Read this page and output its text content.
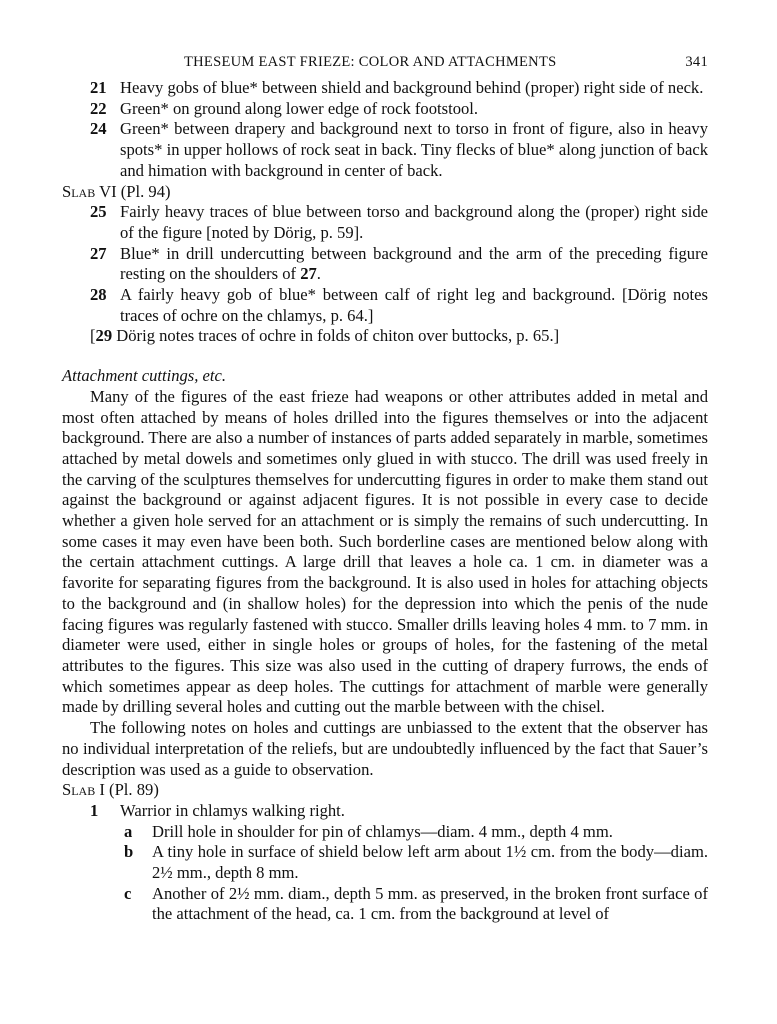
THESEUM EAST FRIEZE: COLOR AND ATTACHMENTS	341
21 Heavy gobs of blue* between shield and background behind (proper) right side of neck.
22 Green* on ground along lower edge of rock footstool.
24 Green* between drapery and background next to torso in front of figure, also in heavy spots* in upper hollows of rock seat in back. Tiny flecks of blue* along junction of back and himation with background in center of back.
Slab VI (Pl. 94)
25 Fairly heavy traces of blue between torso and background along the (proper) right side of the figure [noted by Dörig, p. 59].
27 Blue* in drill undercutting between background and the arm of the preceding figure resting on the shoulders of 27.
28 A fairly heavy gob of blue* between calf of right leg and background. [Dörig notes traces of ochre on the chlamys, p. 64.]
[29 Dörig notes traces of ochre in folds of chiton over buttocks, p. 65.]
Attachment cuttings, etc.
Many of the figures of the east frieze had weapons or other attributes added in metal and most often attached by means of holes drilled into the figures themselves or into the adjacent background. There are also a number of instances of parts added separately in marble, sometimes attached by metal dowels and sometimes only glued in with stucco. The drill was used freely in the carving of the sculptures themselves for undercutting figures in order to make them stand out against the background or against adjacent figures. It is not possible in every case to decide whether a given hole served for an attachment or is simply the remains of such undercutting. In some cases it may even have been both. Such borderline cases are mentioned below along with the certain attachment cuttings. A large drill that leaves a hole ca. 1 cm. in diameter was a favorite for separating figures from the background. It is also used in holes for attaching objects to the background and (in shallow holes) for the depression into which the penis of the nude facing figures was regularly fastened with stucco. Smaller drills leaving holes 4 mm. to 7 mm. in diameter were used, either in single holes or groups of holes, for the fastening of the metal attributes to the figures. This size was also used in the cutting of drapery furrows, the ends of which sometimes appear as deep holes. The cuttings for attachment of marble were generally made by drilling several holes and cutting out the marble between with the chisel.
The following notes on holes and cuttings are unbiassed to the extent that the observer has no individual interpretation of the reliefs, but are undoubtedly influenced by the fact that Sauer’s description was used as a guide to observation.
Slab I (Pl. 89)
1 Warrior in chlamys walking right.
a Drill hole in shoulder for pin of chlamys—diam. 4 mm., depth 4 mm.
b A tiny hole in surface of shield below left arm about 1½ cm. from the body—diam. 2½ mm., depth 8 mm.
c Another of 2½ mm. diam., depth 5 mm. as preserved, in the broken front surface of the attachment of the head, ca. 1 cm. from the background at level of
